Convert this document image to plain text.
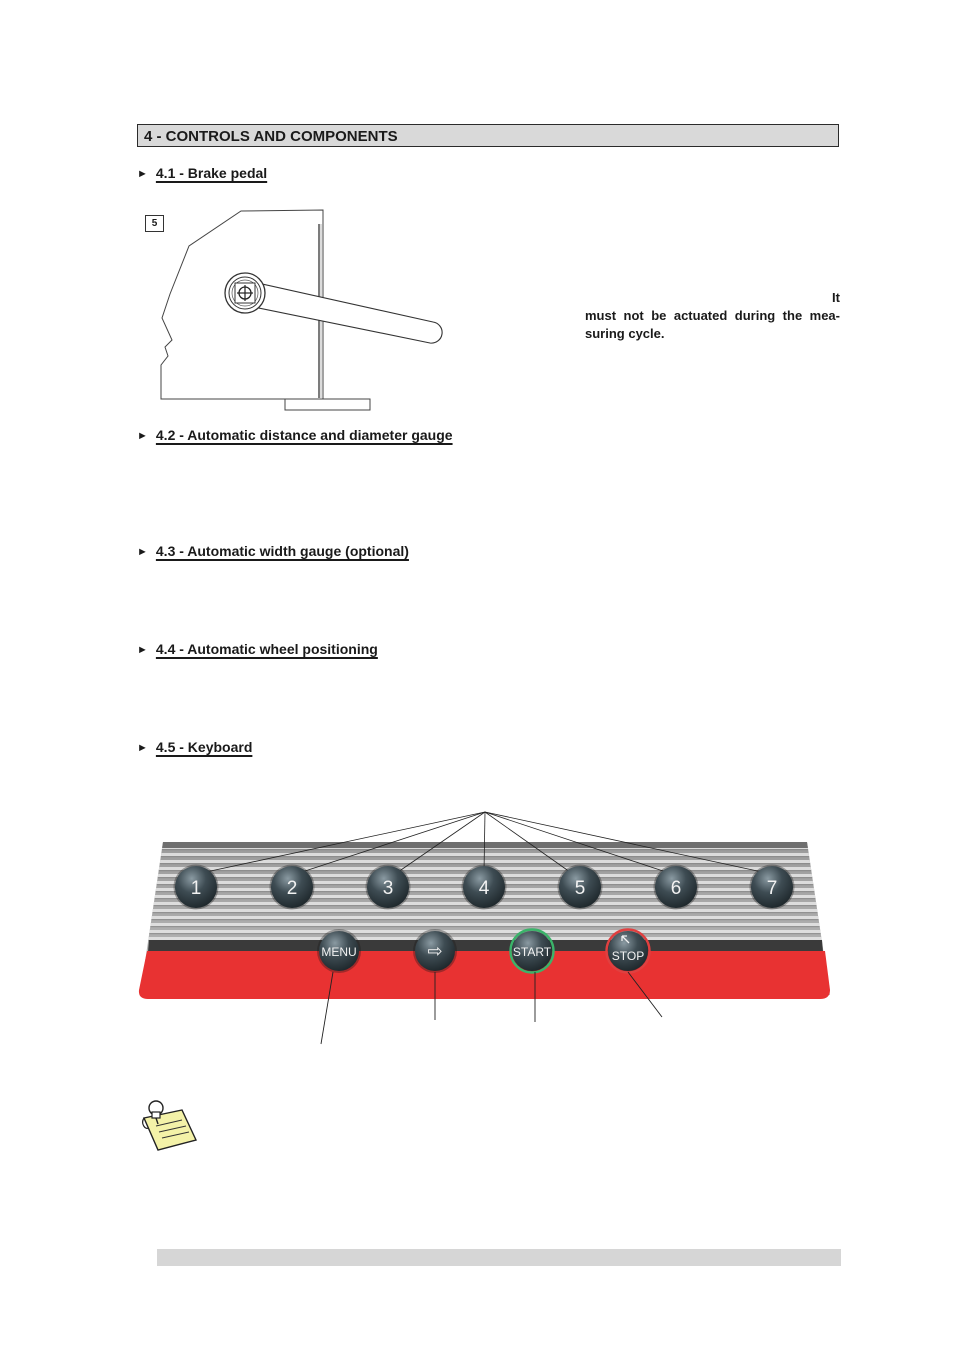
4 - CONTROLS AND COMPONENTS
► 4.1 - Brake pedal
5
It
must not be actuated during the mea-
suring cycle.
► 4.2 - Automatic distance and diameter gauge
► 4.3 - Automatic width gauge (optional)
► 4.4 - Automatic wheel positioning
► 4.5 - Keyboard
1	2	3	4	5	6	7
MENU	⇨	START	STOP
